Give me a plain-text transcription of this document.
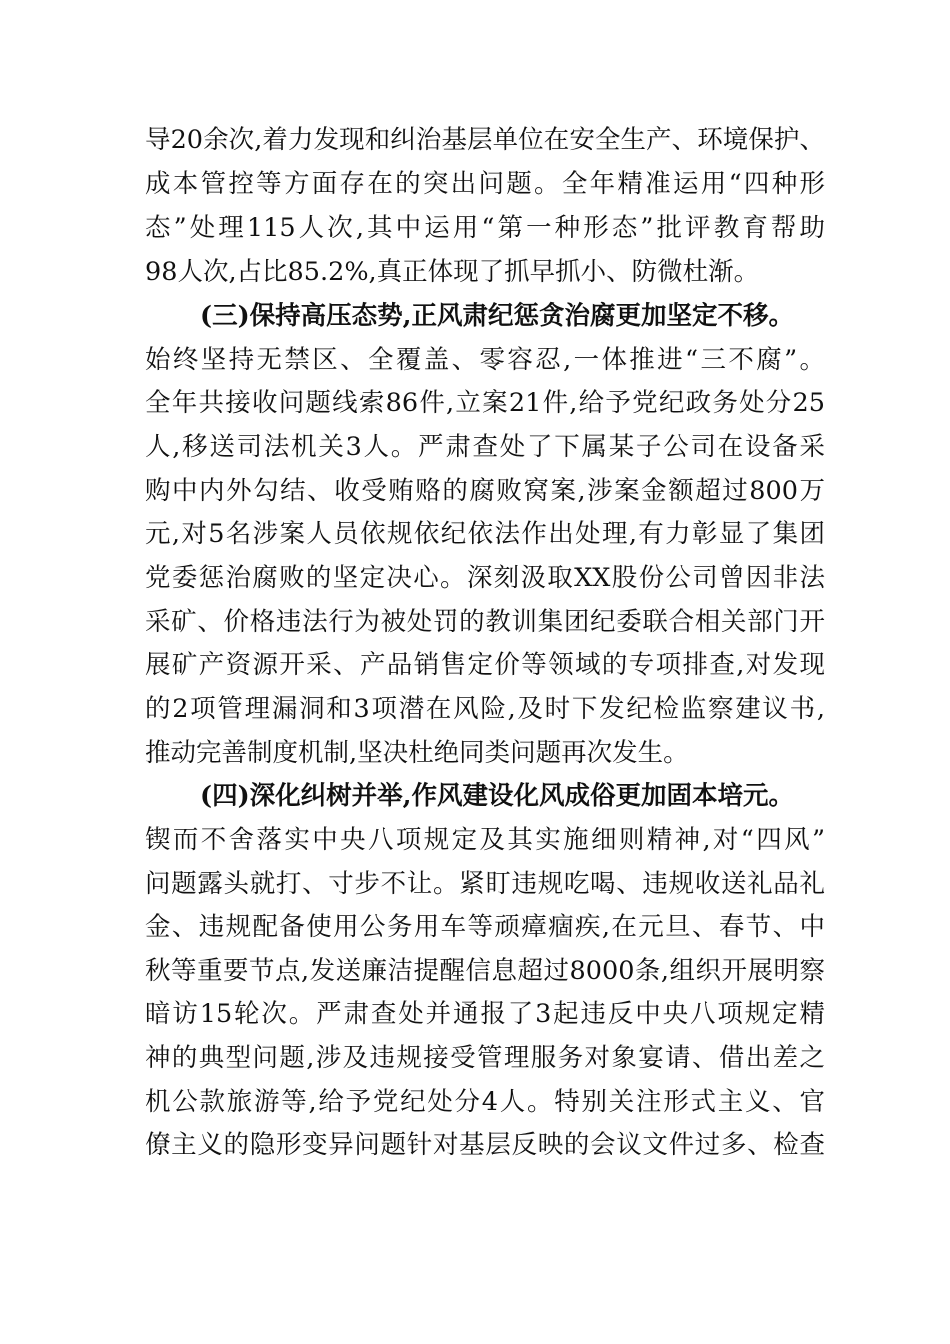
导20余次,着力发现和纠治基层单位在安全生产、环境保护、
成本管控等方面存在的突出问题。全年精准运用“四种形
态”处理115人次,其中运用“第一种形态”批评教育帮助
98人次,占比85.2%,真正体现了抓早抓小、防微杜渐。
(三)保持高压态势,正风肃纪惩贪治腐更加坚定不移。
始终坚持无禁区、全覆盖、零容忍,一体推进“三不腐”。
全年共接收问题线索86件,立案21件,给予党纪政务处分25
人,移送司法机关3人。严肃查处了下属某子公司在设备采
购中内外勾结、收受贿赂的腐败窝案,涉案金额超过800万
元,对5名涉案人员依规依纪依法作出处理,有力彰显了集团
党委惩治腐败的坚定决心。深刻汲取XX股份公司曾因非法
采矿、价格违法行为被处罚的教训集团纪委联合相关部门开
展矿产资源开采、产品销售定价等领域的专项排查,对发现
的2项管理漏洞和3项潜在风险,及时下发纪检监察建议书,
推动完善制度机制,坚决杜绝同类问题再次发生。
(四)深化纠树并举,作风建设化风成俗更加固本培元。
锲而不舍落实中央八项规定及其实施细则精神,对“四风”
问题露头就打、寸步不让。紧盯违规吃喝、违规收送礼品礼
金、违规配备使用公务用车等顽瘴痼疾,在元旦、春节、中
秋等重要节点,发送廉洁提醒信息超过8000条,组织开展明察
暗访15轮次。严肃查处并通报了3起违反中央八项规定精
神的典型问题,涉及违规接受管理服务对象宴请、借出差之
机公款旅游等,给予党纪处分4人。特别关注形式主义、官
僚主义的隐形变异问题针对基层反映的会议文件过多、检查
